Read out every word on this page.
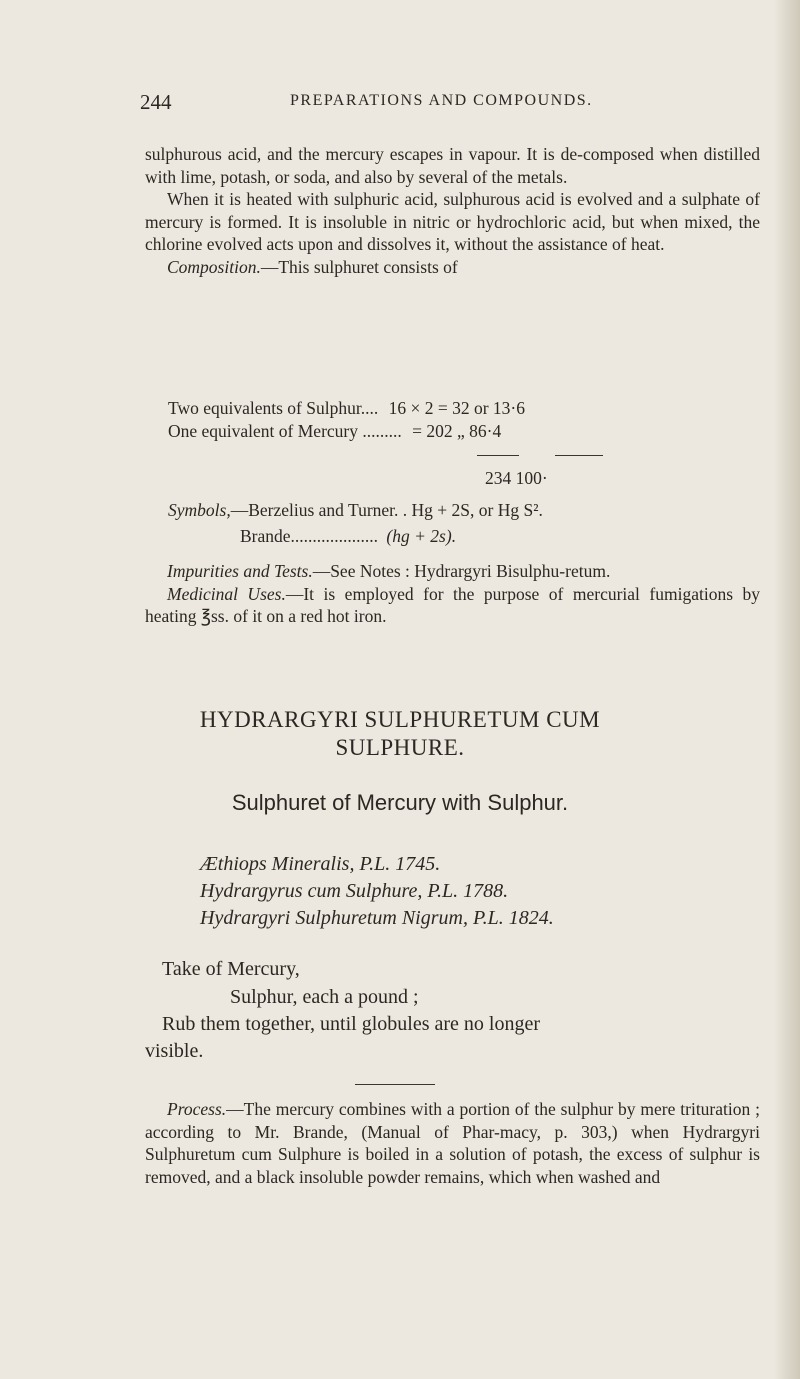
244	PREPARATIONS AND COMPOUNDS.

sulphurous acid, and the mercury escapes in vapour. It is de-composed when distilled with lime, potash, or soda, and also by several of the metals.

When it is heated with sulphuric acid, sulphurous acid is evolved and a sulphate of mercury is formed. It is insoluble in nitric or hydrochloric acid, but when mixed, the chlorine evolved acts upon and dissolves it, without the assistance of heat.

Composition.—This sulphuret consists of

Two equivalents of Sulphur.... 16 × 2 = 32 or 13·6
One equivalent of Mercury ......... = 202 „ 86·4
234 100·
Symbols,—Berzelius and Turner. . Hg + 2S, or Hg S².
Brande.................... (hg + 2s).

Impurities and Tests.—See Notes : Hydrargyri Bisulphu-retum.

Medicinal Uses.—It is employed for the purpose of mercurial fumigations by heating ℥ss. of it on a red hot iron.

HYDRARGYRI SULPHURETUM CUM
SULPHURE.
Sulphuret of Mercury with Sulphur.
Æthiops Mineralis, P.L. 1745.
Hydrargyrus cum Sulphure, P.L. 1788.
Hydrargyri Sulphuretum Nigrum, P.L. 1824.
Take of Mercury,
Sulphur, each a pound ;
Rub them together, until globules are no longer
visible.

Process.—The mercury combines with a portion of the sulphur by mere trituration ; according to Mr. Brande, (Manual of Phar-macy, p. 303,) when Hydrargyri Sulphuretum cum Sulphure is boiled in a solution of potash, the excess of sulphur is removed, and a black insoluble powder remains, which when washed and
